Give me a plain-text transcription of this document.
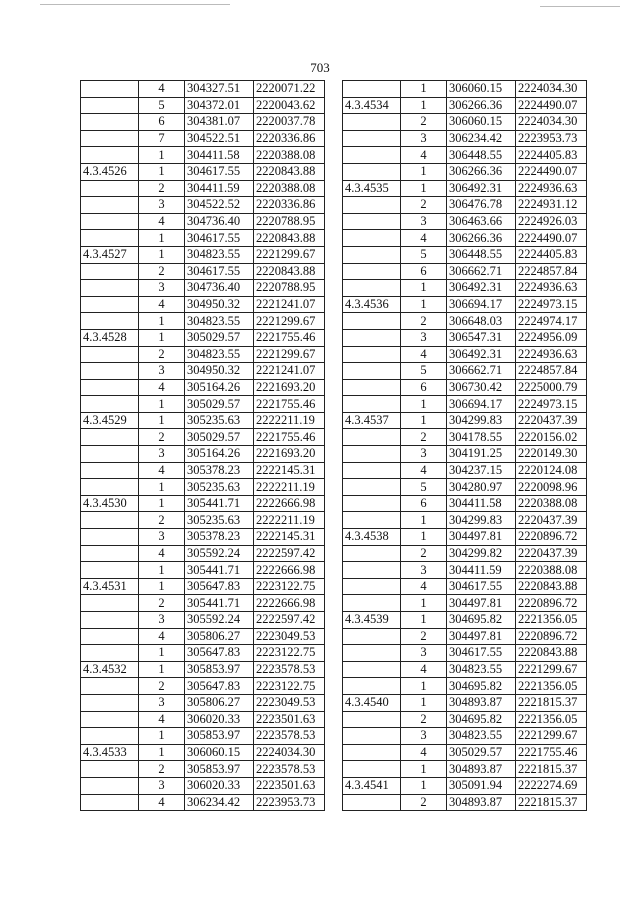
703
	4	304327.51	2220071.22
	5	304372.01	2220043.62
	6	304381.07	2220037.78
	7	304522.51	2220336.86
	1	304411.58	2220388.08
4.3.4526	1	304617.55	2220843.88
	2	304411.59	2220388.08
	3	304522.52	2220336.86
	4	304736.40	2220788.95
	1	304617.55	2220843.88
4.3.4527	1	304823.55	2221299.67
	2	304617.55	2220843.88
	3	304736.40	2220788.95
	4	304950.32	2221241.07
	1	304823.55	2221299.67
4.3.4528	1	305029.57	2221755.46
	2	304823.55	2221299.67
	3	304950.32	2221241.07
	4	305164.26	2221693.20
	1	305029.57	2221755.46
4.3.4529	1	305235.63	2222211.19
	2	305029.57	2221755.46
	3	305164.26	2221693.20
	4	305378.23	2222145.31
	1	305235.63	2222211.19
4.3.4530	1	305441.71	2222666.98
	2	305235.63	2222211.19
	3	305378.23	2222145.31
	4	305592.24	2222597.42
	1	305441.71	2222666.98
4.3.4531	1	305647.83	2223122.75
	2	305441.71	2222666.98
	3	305592.24	2222597.42
	4	305806.27	2223049.53
	1	305647.83	2223122.75
4.3.4532	1	305853.97	2223578.53
	2	305647.83	2223122.75
	3	305806.27	2223049.53
	4	306020.33	2223501.63
	1	305853.97	2223578.53
4.3.4533	1	306060.15	2224034.30
	2	305853.97	2223578.53
	3	306020.33	2223501.63
	4	306234.42	2223953.73
	1	306060.15	2224034.30
4.3.4534	1	306266.36	2224490.07
	2	306060.15	2224034.30
	3	306234.42	2223953.73
	4	306448.55	2224405.83
	1	306266.36	2224490.07
4.3.4535	1	306492.31	2224936.63
	2	306476.78	2224931.12
	3	306463.66	2224926.03
	4	306266.36	2224490.07
	5	306448.55	2224405.83
	6	306662.71	2224857.84
	1	306492.31	2224936.63
4.3.4536	1	306694.17	2224973.15
	2	306648.03	2224974.17
	3	306547.31	2224956.09
	4	306492.31	2224936.63
	5	306662.71	2224857.84
	6	306730.42	2225000.79
	1	306694.17	2224973.15
4.3.4537	1	304299.83	2220437.39
	2	304178.55	2220156.02
	3	304191.25	2220149.30
	4	304237.15	2220124.08
	5	304280.97	2220098.96
	6	304411.58	2220388.08
	1	304299.83	2220437.39
4.3.4538	1	304497.81	2220896.72
	2	304299.82	2220437.39
	3	304411.59	2220388.08
	4	304617.55	2220843.88
	1	304497.81	2220896.72
4.3.4539	1	304695.82	2221356.05
	2	304497.81	2220896.72
	3	304617.55	2220843.88
	4	304823.55	2221299.67
	1	304695.82	2221356.05
4.3.4540	1	304893.87	2221815.37
	2	304695.82	2221356.05
	3	304823.55	2221299.67
	4	305029.57	2221755.46
	1	304893.87	2221815.37
4.3.4541	1	305091.94	2222274.69
	2	304893.87	2221815.37
